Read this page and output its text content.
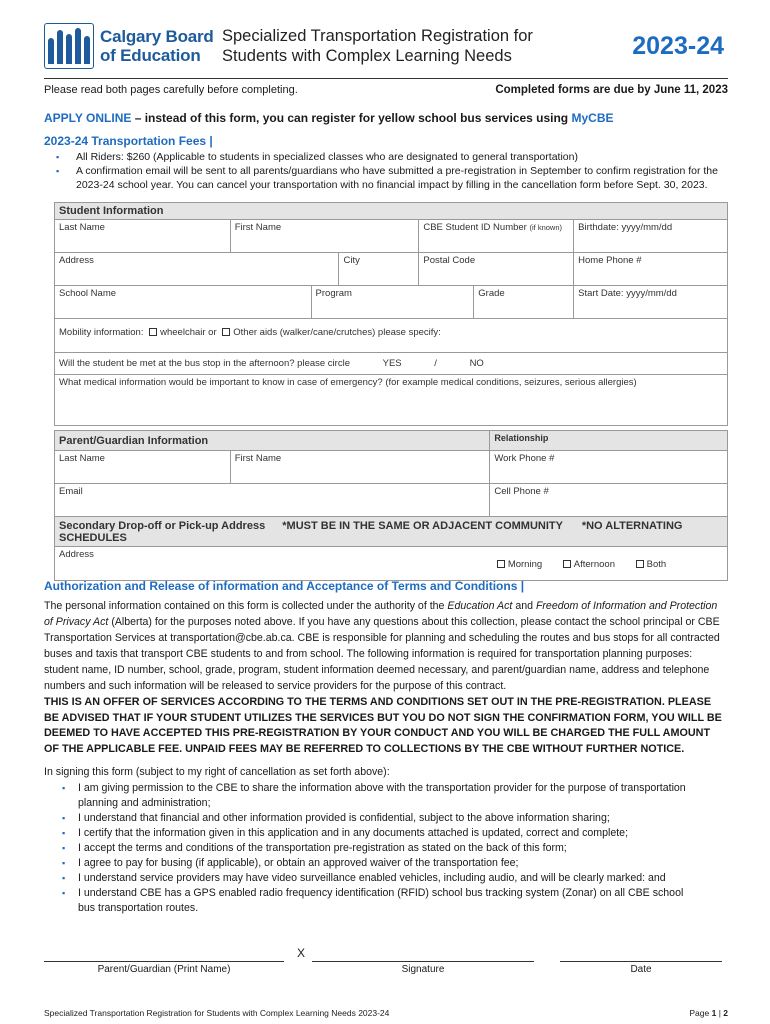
Calgary Board
of Education
Specialized Transportation Registration for
Students with Complex Learning Needs	2023-24
Please read both pages carefully before completing.	Completed forms are due by June 11, 2023
APPLY ONLINE – instead of this form, you can register for yellow school bus services using MyCBE
2023-24 Transportation Fees |
▪ All Riders: $260 (Applicable to students in specialized classes who are designated to general transportation)
▪ A confirmation email will be sent to all parents/guardians who have submitted a pre-registration in September to confirm registration for the 2023-24 school year. You can cancel your transportation with no financial impact by filling in the cancellation form before Sept. 30, 2023.
Student Information						
Last Name	First Name			CBE Student ID Number (if known)		Birthdate: yyyy/mm/dd
Address			City	Postal Code		Home Phone #
School Name		Program			Grade	Start Date: yyyy/mm/dd
Mobility information: wheelchair or Other aids (walker/cane/crutches) please specify:						
Will the student be met at the bus stop in the afternoon? please circle YES / NO						
What medical information would be important to know in case of emergency? (for example medical conditions, seizures, serious allergies)						
Parent/Guardian Information		Relationship
Last Name	First Name	Work Phone #
Email		Cell Phone #
Secondary Drop-off or Pick-up Address *MUST BE IN THE SAME OR ADJACENT COMMUNITY *NO ALTERNATING SCHEDULES
Address	Morning	Afternoon	Both
Authorization and Release of information and Acceptance of Terms and Conditions |
The personal information contained on this form is collected under the authority of the Education Act and Freedom of Information and Protection of Privacy Act (Alberta) for the purposes noted above. If you have any questions about this collection, please contact the school principal or CBE Transportation Services at transportation@cbe.ab.ca. CBE is responsible for planning and scheduling the routes and bus stops for all contracted buses and taxis that transport CBE students to and from school. The following information is required for transportation planning purposes: student name, ID number, school, grade, program, student information deemed necessary, and parent/guardian name, address and telephone numbers and such information will be released to service providers for the purpose of this contract.
THIS IS AN OFFER OF SERVICES ACCORDING TO THE TERMS AND CONDITIONS SET OUT IN THE PRE-REGISTRATION. PLEASE BE ADVISED THAT IF YOUR STUDENT UTILIZES THE SERVICES BUT YOU DO NOT SIGN THE CONFIRMATION FORM, YOU WILL BE DEEMED TO HAVE ACCEPTED THIS PRE-REGISTRATION BY YOUR CONDUCT AND YOU WILL BE CHARGED THE FULL AMOUNT OF THE APPLICABLE FEE. UNPAID FEES MAY BE REFERRED TO COLLECTIONS BY THE CBE WITHOUT FURTHER NOTICE.
In signing this form (subject to my right of cancellation as set forth above):
▪ I am giving permission to the CBE to share the information above with the transportation provider for the purpose of transportation planning and administration;
▪ I understand that financial and other information provided is confidential, subject to the above information sharing;
▪ I certify that the information given in this application and in any documents attached is updated, correct and complete;
▪ I accept the terms and conditions of the transportation pre-registration as stated on the back of this form;
▪ I agree to pay for busing (if applicable), or obtain an approved waiver of the transportation fee;
▪ I understand service providers may have video surveillance enabled vehicles, including audio, and will be clearly marked: and
▪ I understand CBE has a GPS enabled radio frequency identification (RFID) school bus tracking system (Zonar) on all CBE school bus transportation routes.
X
Parent/Guardian (Print Name)	Signature	Date
Specialized Transportation Registration for Students with Complex Learning Needs 2023-24	Page 1 | 2
